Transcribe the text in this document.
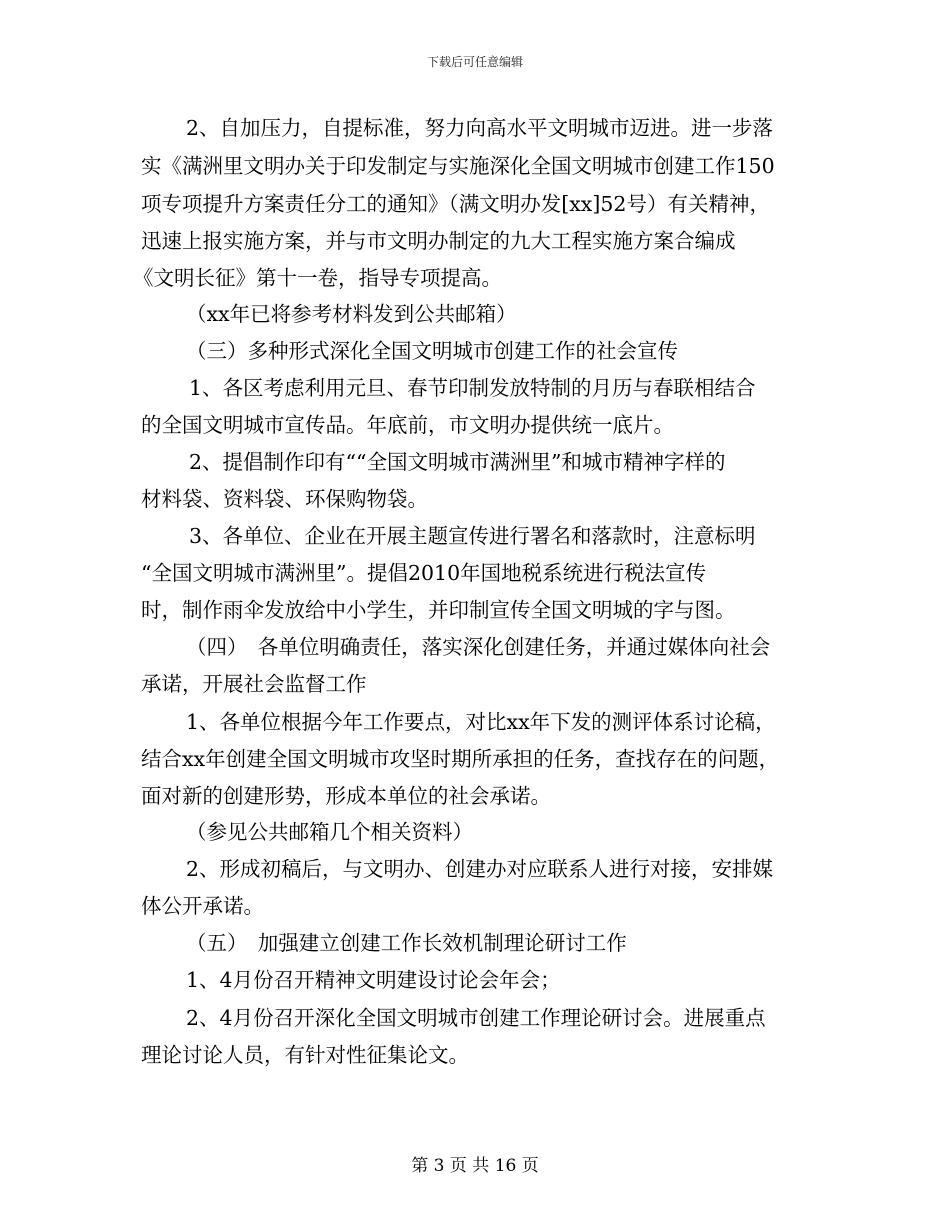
下载后可任意编辑
2、自加压力，自提标准，努力向高水平文明城市迈进。进一步落
实《满洲里文明办关于印发制定与实施深化全国文明城市创建工作150
项专项提升方案责任分工的通知》（满文明办发[xx]52号）有关精神，
迅速上报实施方案，并与市文明办制定的九大工程实施方案合编成
《文明长征》第十一卷，指导专项提高。
（xx年已将参考材料发到公共邮箱）
（三）多种形式深化全国文明城市创建工作的社会宣传
1、各区考虑利用元旦、春节印制发放特制的月历与春联相结合
的全国文明城市宣传品。年底前，市文明办提供统一底片。
2、提倡制作印有““全国文明城市满洲里”和城市精神字样的
材料袋、资料袋、环保购物袋。
3、各单位、企业在开展主题宣传进行署名和落款时，注意标明
“全国文明城市满洲里”。提倡2010年国地税系统进行税法宣传
时，制作雨伞发放给中小学生，并印制宣传全国文明城的字与图。
（四）　各单位明确责任，落实深化创建任务，并通过媒体向社会
承诺，开展社会监督工作
1、各单位根据今年工作要点，对比xx年下发的测评体系讨论稿，
结合xx年创建全国文明城市攻坚时期所承担的任务，查找存在的问题，
面对新的创建形势，形成本单位的社会承诺。
（参见公共邮箱几个相关资料）
2、形成初稿后，与文明办、创建办对应联系人进行对接，安排媒
体公开承诺。
（五）　加强建立创建工作长效机制理论研讨工作
1、4月份召开精神文明建设讨论会年会；
2、4月份召开深化全国文明城市创建工作理论研讨会。进展重点
理论讨论人员，有针对性征集论文。
第 3 页 共 16 页
